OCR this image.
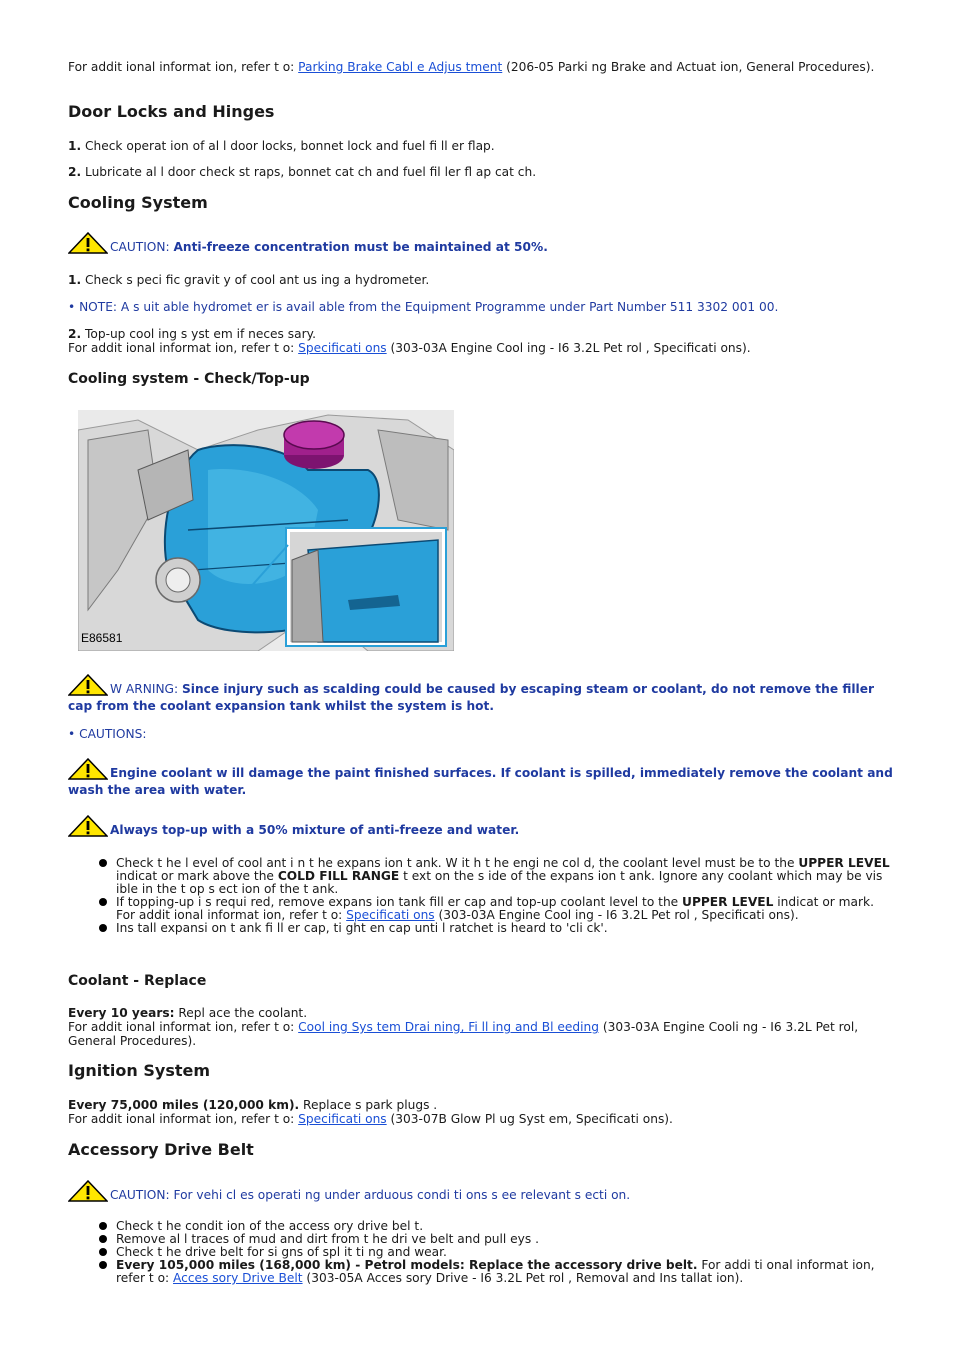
For addit ional informat ion, refer t o: Parking Brake Cabl e Adjus tment (206-05 Parki ng Brake and Actuat ion, General Procedures).

Door Locks and Hinges

1. Check operat ion of al l door locks, bonnet lock and fuel fi ll er flap.

2. Lubricate al l door check st raps, bonnet cat ch and fuel fil ler fl ap cat ch.

Cooling System

CAUTION: Anti-freeze concentration must be maintained at 50%.

1. Check s peci fic gravit y of cool ant us ing a hydrometer.

• NOTE: A s uit able hydromet er is avail able from the Equipment Programme under Part Number 511 3302 001 00.

2. Top-up cool ing s yst em if neces sary.

For addit ional informat ion, refer t o: Specificati ons (303-03A Engine Cool ing - I6 3.2L Pet rol , Specificati ons).

Cooling system - Check/Top-up
E86581

W ARNING: Since injury such as scalding could be caused by escaping steam or coolant, do not remove the filler cap from the coolant expansion tank whilst the system is hot.

• CAUTIONS:

Engine coolant w ill damage the paint finished surfaces. If coolant is spilled, immediately remove the coolant and wash the area with water.

Always top-up with a 50% mixture of anti-freeze and water.

Check t he l evel of cool ant i n t he expans ion t ank. W it h t he engi ne col d, the coolant level must be to the UPPER LEVEL indicat or mark above the COLD FILL RANGE t ext on the s ide of the expans ion t ank. Ignore any coolant which may be vis ible in the t op s ect ion of the t ank.
If topping-up i s requi red, remove expans ion tank fill er cap and top-up coolant level to the UPPER LEVEL indicat or mark.
For addit ional informat ion, refer t o: Specificati ons (303-03A Engine Cool ing - I6 3.2L Pet rol , Specificati ons).
Ins tall expansi on t ank fi ll er cap, ti ght en cap unti l ratchet is heard to 'cli ck'.
Coolant - Replace

Every 10 years: Repl ace the coolant.

For addit ional informat ion, refer t o: Cool ing Sys tem Drai ning, Fi ll ing and Bl eeding (303-03A Engine Cooli ng - I6 3.2L Pet rol, General Procedures).

Ignition System

Every 75,000 miles (120,000 km). Replace s park plugs .

For addit ional informat ion, refer t o: Specificati ons (303-07B Glow Pl ug Syst em, Specificati ons).

Accessory Drive Belt

CAUTION: For vehi cl es operati ng under arduous condi ti ons s ee relevant s ecti on.

Check t he condit ion of the access ory drive bel t.
Remove al l traces of mud and dirt from t he dri ve belt and pull eys .
Check t he drive belt for si gns of spl it ti ng and wear.
Every 105,000 miles (168,000 km) - Petrol models: Replace the accessory drive belt. For addi ti onal informat ion, refer t o: Acces sory Drive Belt (303-05A Acces sory Drive - I6 3.2L Pet rol , Removal and Ins tallat ion).
